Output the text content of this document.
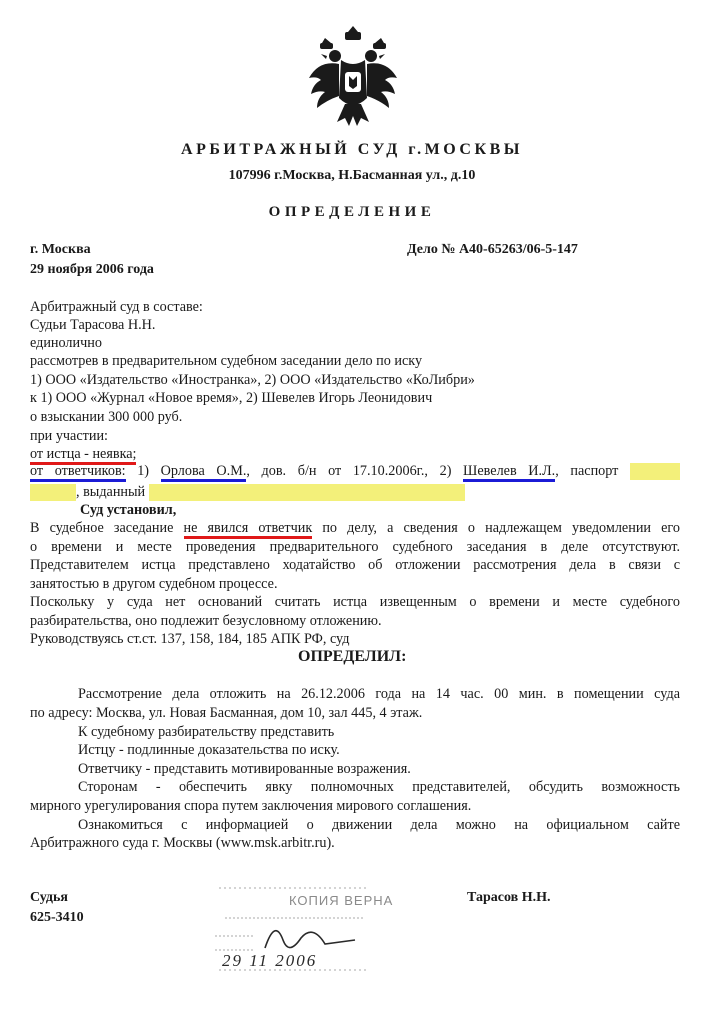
АРБИТРАЖНЫЙ СУД г.МОСКВЫ
107996 г.Москва, Н.Басманная ул., д.10
ОПРЕДЕЛЕНИЕ
г. Москва
29 ноября 2006 года
Дело № А40-65263/06-5-147
Арбитражный суд в составе:
Судьи Тарасова Н.Н.
единолично
рассмотрев в предварительном судебном заседании дело по иску
1) ООО «Издательство «Иностранка», 2) ООО «Издательство «КоЛибри»
к 1) ООО «Журнал «Новое время», 2) Шевелев Игорь Леонидович
о взыскании 300 000 руб.
при участии:
от истца - неявка;
от ответчиков: 1) Орлова О.М., дов. б/н от 17.10.2006г., 2) Шевелев И.Л., паспорт
, выданный
Суд установил,
В судебное заседание не явился ответчик по делу, а сведения о надлежащем уведомлении его
о времени и месте проведения предварительного судебного заседания в деле отсутствуют.
Представителем истца представлено ходатайство об отложении рассмотрения дела в связи с
занятостью в другом судебном процессе.
Поскольку у суда нет оснований считать истца извещенным о времени и месте судебного
разбирательства, оно подлежит безусловному отложению.
Руководствуясь ст.ст. 137, 158, 184, 185 АПК РФ, суд
ОПРЕДЕЛИЛ:
Рассмотрение дела отложить на 26.12.2006 года на 14 час. 00 мин. в помещении суда
по адресу: Москва, ул. Новая Басманная, дом 10, зал 445, 4 этаж.
К судебному разбирательству представить
Истцу - подлинные доказательства по иску.
Ответчику - представить мотивированные возражения.
Сторонам - обеспечить явку полномочных представителей, обсудить возможность
мирного урегулирования спора путем заключения мирового соглашения.
Ознакомиться с информацией о движении дела можно на официальном сайте
Арбитражного суда г. Москвы (www.msk.arbitr.ru).
Судья
625-3410
Тарасов Н.Н.
КОПИЯ ВЕРНА
29 11 2006
